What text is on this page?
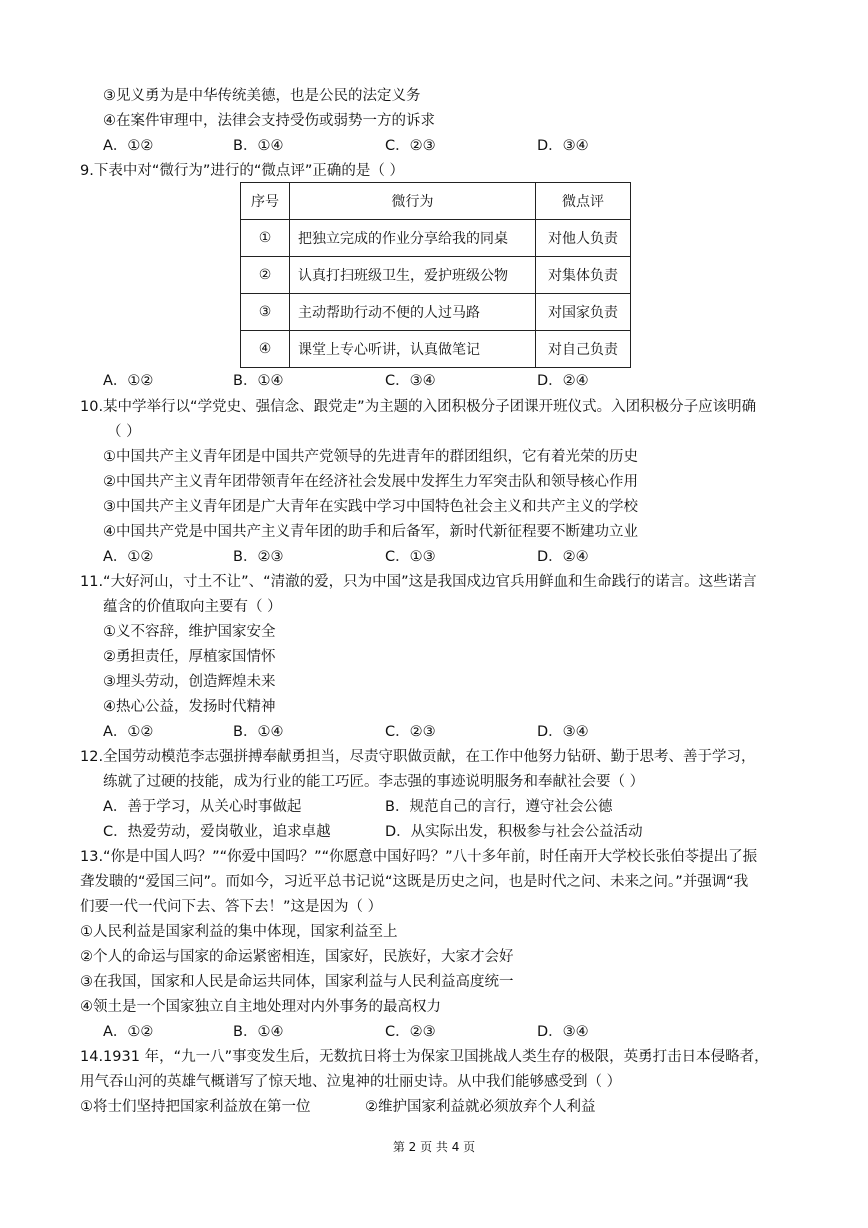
③见义勇为是中华传统美德，也是公民的法定义务
④在案件审理中，法律会支持受伤或弱势一方的诉求
A．①②	B．①④	C．②③	D．③④
9.下表中对“微行为”进行的“微点评”正确的是（ ）
序号	微行为	微点评
①	把独立完成的作业分享给我的同桌	对他人负责
②	认真打扫班级卫生，爱护班级公物	对集体负责
③	主动帮助行动不便的人过马路	对国家负责
④	课堂上专心听讲，认真做笔记	对自己负责
A．①②	B．①④	C．③④	D．②④
10.某中学举行以“学党史、强信念、跟党走”为主题的入团积极分子团课开班仪式。入团积极分子应该明确
（ ）
①中国共产主义青年团是中国共产党领导的先进青年的群团组织，它有着光荣的历史
②中国共产主义青年团带领青年在经济社会发展中发挥生力军突击队和领导核心作用
③中国共产主义青年团是广大青年在实践中学习中国特色社会主义和共产主义的学校
④中国共产党是中国共产主义青年团的助手和后备军，新时代新征程要不断建功立业
A．①②	B．②③	C．①③	D．②④
11.“大好河山，寸土不让”、“清澈的爱，只为中国”这是我国戍边官兵用鲜血和生命践行的诺言。这些诺言
蕴含的价值取向主要有（ ）
①义不容辞，维护国家安全
②勇担责任，厚植家国情怀
③埋头劳动，创造辉煌未来
④热心公益，发扬时代精神
A．①②	B．①④	C．②③	D．③④
12.全国劳动模范李志强拼搏奉献勇担当，尽责守职做贡献，在工作中他努力钻研、勤于思考、善于学习，
练就了过硬的技能，成为行业的能工巧匠。李志强的事迹说明服务和奉献社会要（ ）
A．善于学习，从关心时事做起	B．规范自己的言行，遵守社会公德
C．热爱劳动，爱岗敬业，追求卓越	D．从实际出发，积极参与社会公益活动
13.“你是中国人吗？”“你爱中国吗？”“你愿意中国好吗？”八十多年前，时任南开大学校长张伯苓提出了振
聋发聩的“爱国三问”。而如今，习近平总书记说“这既是历史之问，也是时代之问、未来之问。”并强调“我
们要一代一代问下去、答下去！”这是因为（ ）
①人民利益是国家利益的集中体现，国家利益至上
②个人的命运与国家的命运紧密相连，国家好，民族好，大家才会好
③在我国，国家和人民是命运共同体，国家利益与人民利益高度统一
④领土是一个国家独立自主地处理对内外事务的最高权力
A．①②	B．①④	C．②③	D．③④
14.1931 年，“九一八”事变发生后，无数抗日将士为保家卫国挑战人类生存的极限，英勇打击日本侵略者，
用气吞山河的英雄气概谱写了惊天地、泣鬼神的壮丽史诗。从中我们能够感受到（ ）
①将士们坚持把国家利益放在第一位	②维护国家利益就必须放弃个人利益
第 2 页 共 4 页
